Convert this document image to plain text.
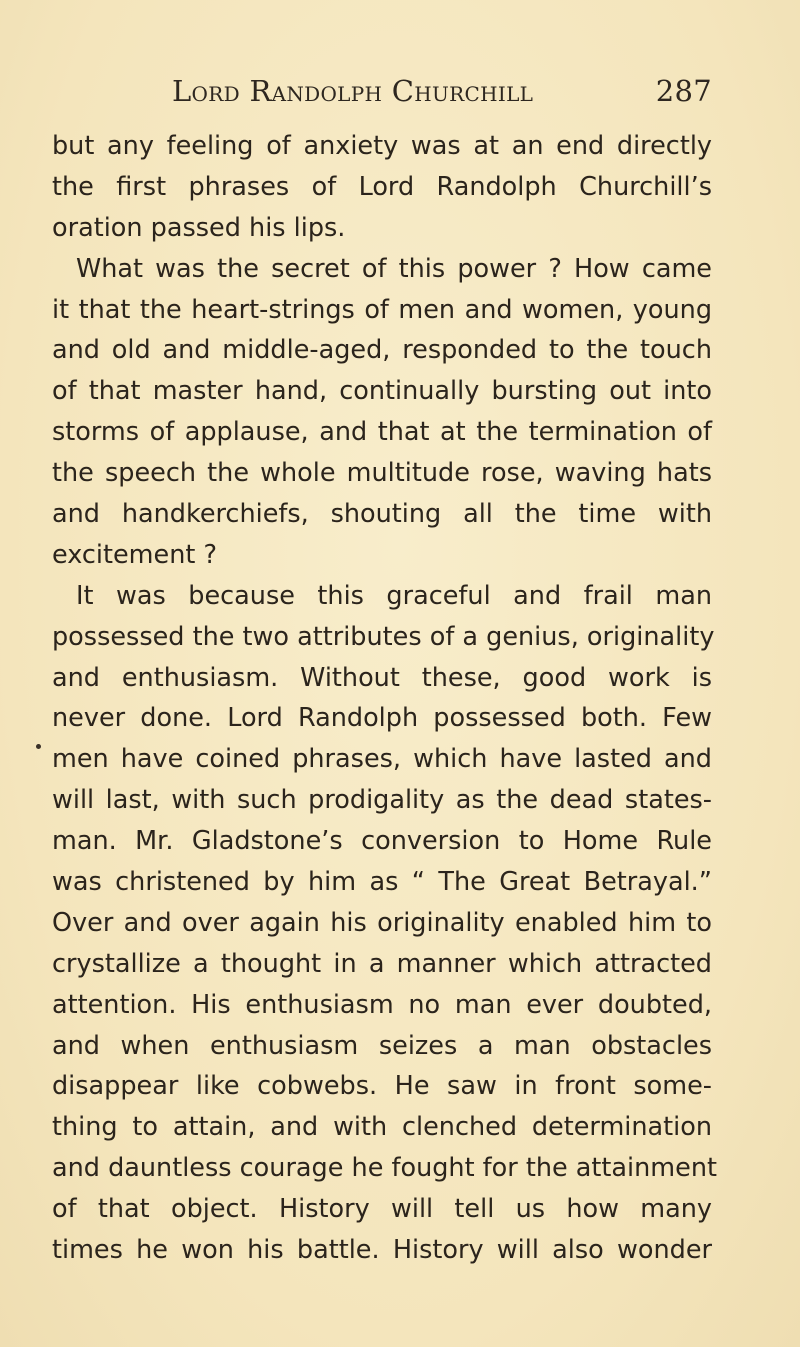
Lord Randolph Churchill	287
but any feeling of anxiety was at an end directly
the first phrases of Lord Randolph Churchill’s
oration passed his lips.
What was the secret of this power ? How came
it that the heart-strings of men and women, young
and old and middle-aged, responded to the touch
of that master hand, continually bursting out into
storms of applause, and that at the termination of
the speech the whole multitude rose, waving hats
and handkerchiefs, shouting all the time with
excitement ?
It was because this graceful and frail man
possessed the two attributes of a genius, originality
and enthusiasm. Without these, good work is
never done. Lord Randolph possessed both. Few
men have coined phrases, which have lasted and
will last, with such prodigality as the dead states-
man. Mr. Gladstone’s conversion to Home Rule
was christened by him as “ The Great Betrayal.”
Over and over again his originality enabled him to
crystallize a thought in a manner which attracted
attention. His enthusiasm no man ever doubted,
and when enthusiasm seizes a man obstacles
disappear like cobwebs. He saw in front some-
thing to attain, and with clenched determination
and dauntless courage he fought for the attainment
of that object. History will tell us how many
times he won his battle. History will also wonder
